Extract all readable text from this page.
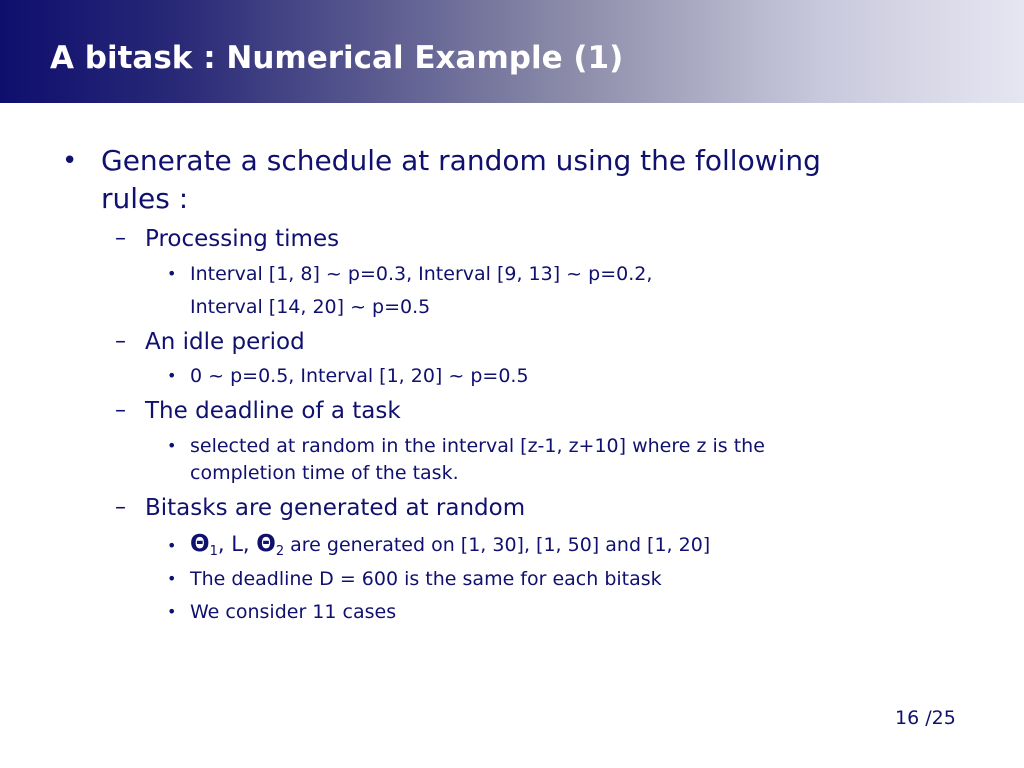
A bitask : Numerical Example (1)
• Generate a schedule at random using the following
rules :
– Processing times
• Interval [1, 8] ~ p=0.3, Interval [9, 13] ~ p=0.2,
Interval [14, 20] ~ p=0.5
– An idle period
• 0 ~ p=0.5, Interval [1, 20] ~ p=0.5
– The deadline of a task
• selected at random in the interval [z-1, z+10] where z is the
completion time of the task.
– Bitasks are generated at random
• $\Theta_1$, L, $\Theta_2$ are generated on [1, 30], [1, 50] and [1, 20]
• The deadline D = 600 is the same for each bitask
• We consider 11 cases
16 /25
